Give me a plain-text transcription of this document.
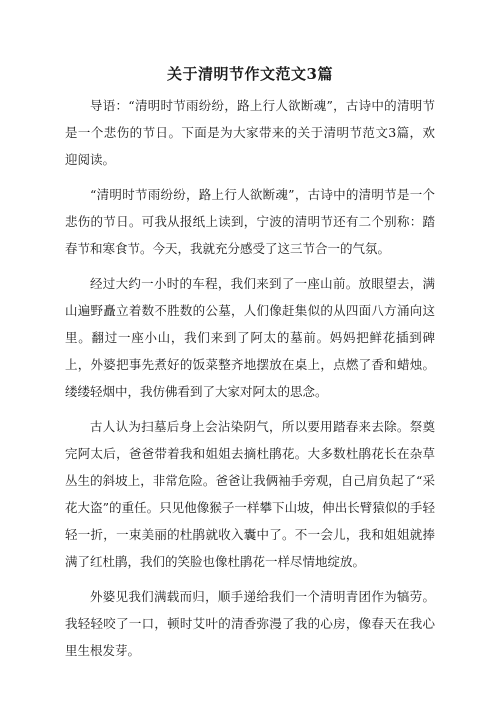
关于清明节作文范文3篇

导语：“清明时节雨纷纷，路上行人欲断魂”，古诗中的清明节是一个悲伤的节日。下面是为大家带来的关于清明节范文3篇，欢迎阅读。

“清明时节雨纷纷，路上行人欲断魂”，古诗中的清明节是一个悲伤的节日。可我从报纸上读到，宁波的清明节还有二个别称：踏春节和寒食节。今天，我就充分感受了这三节合一的气氛。

经过大约一小时的车程，我们来到了一座山前。放眼望去，满山遍野矗立着数不胜数的公墓，人们像赶集似的从四面八方涌向这里。翻过一座小山，我们来到了阿太的墓前。妈妈把鲜花插到碑上，外婆把事先煮好的饭菜整齐地摆放在桌上，点燃了香和蜡烛。缕缕轻烟中，我仿佛看到了大家对阿太的思念。

古人认为扫墓后身上会沾染阴气，所以要用踏春来去除。祭奠完阿太后，爸爸带着我和姐姐去摘杜鹃花。大多数杜鹃花长在杂草丛生的斜坡上，非常危险。爸爸让我俩袖手旁观，自己肩负起了“采花大盗”的重任。只见他像猴子一样攀下山坡，伸出长臂猿似的手轻轻一折，一束美丽的杜鹃就收入囊中了。不一会儿，我和姐姐就捧满了红杜鹃，我们的笑脸也像杜鹃花一样尽情地绽放。

外婆见我们满载而归，顺手递给我们一个清明青团作为犒劳。我轻轻咬了一口，顿时艾叶的清香弥漫了我的心房，像春天在我心里生根发芽。
